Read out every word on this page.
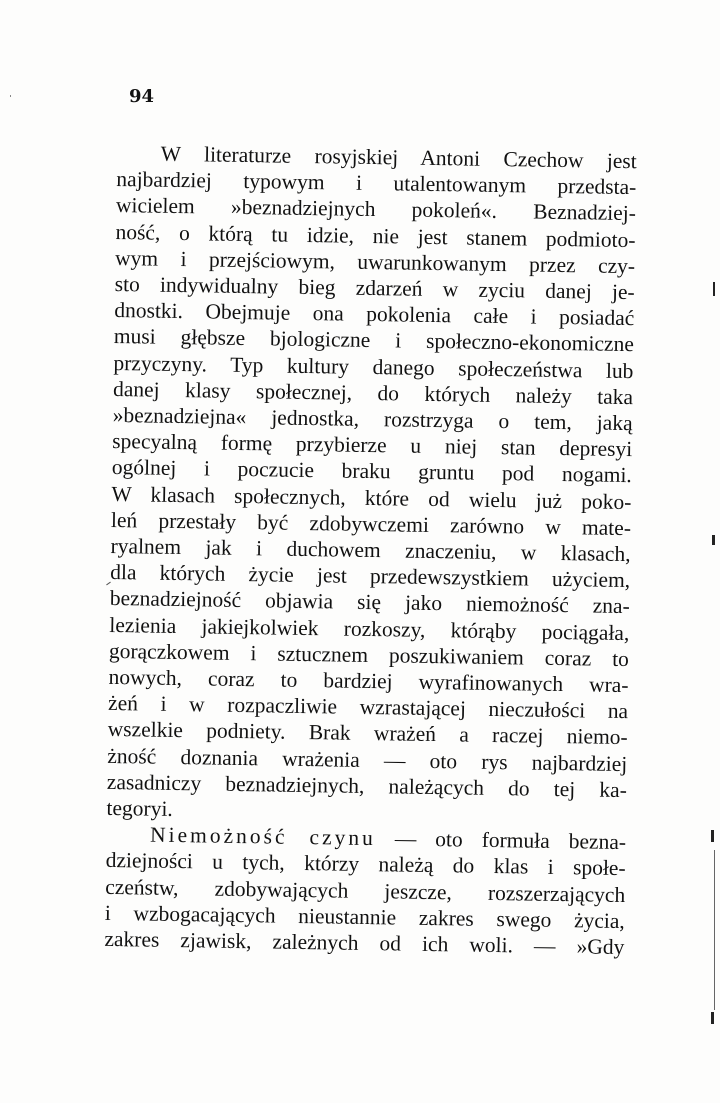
94

W literaturze rosyjskiej Antoni Czechow jest
najbardziej typowym i utalentowanym przedsta-
wicielem »beznadziejnych pokoleń«. Beznadziej-
ność, o którą tu idzie, nie jest stanem podmioto-
wym i przejściowym, uwarunkowanym przez czy-
sto indywidualny bieg zdarzeń w zyciu danej je-
dnostki. Obejmuje ona pokolenia całe i posiadać
musi głębsze bjologiczne i społeczno-ekonomiczne
przyczyny. Typ kultury danego społeczeństwa lub
danej klasy społecznej, do których należy taka
»beznadziejna« jednostka, rozstrzyga o tem, jaką
specyalną formę przybierze u niej stan depresyi
ogólnej i poczucie braku gruntu pod nogami.
W klasach społecznych, które od wielu już poko-
leń przestały być zdobywczemi zarówno w mate-
ryalnem jak i duchowem znaczeniu, w klasach,
dla których życie jest przedewszystkiem użyciem,
beznadziejność objawia się jako niemożność zna-
lezienia jakiejkolwiek rozkoszy, którąby pociągała,
gorączkowem i sztucznem poszukiwaniem coraz to
nowych, coraz to bardziej wyrafinowanych wra-
żeń i w rozpaczliwie wzrastającej nieczułości na
wszelkie podniety. Brak wrażeń a raczej niemo-
żność doznania wrażenia — oto rys najbardziej
zasadniczy beznadziejnych, należących do tej ka-
tegoryi.
Niemożność czynu — oto formuła bezna-
dziejności u tych, którzy należą do klas i społe-
czeństw, zdobywających jeszcze, rozszerzających
i wzbogacających nieustannie zakres swego życia,
zakres zjawisk, zależnych od ich woli. — »Gdy
